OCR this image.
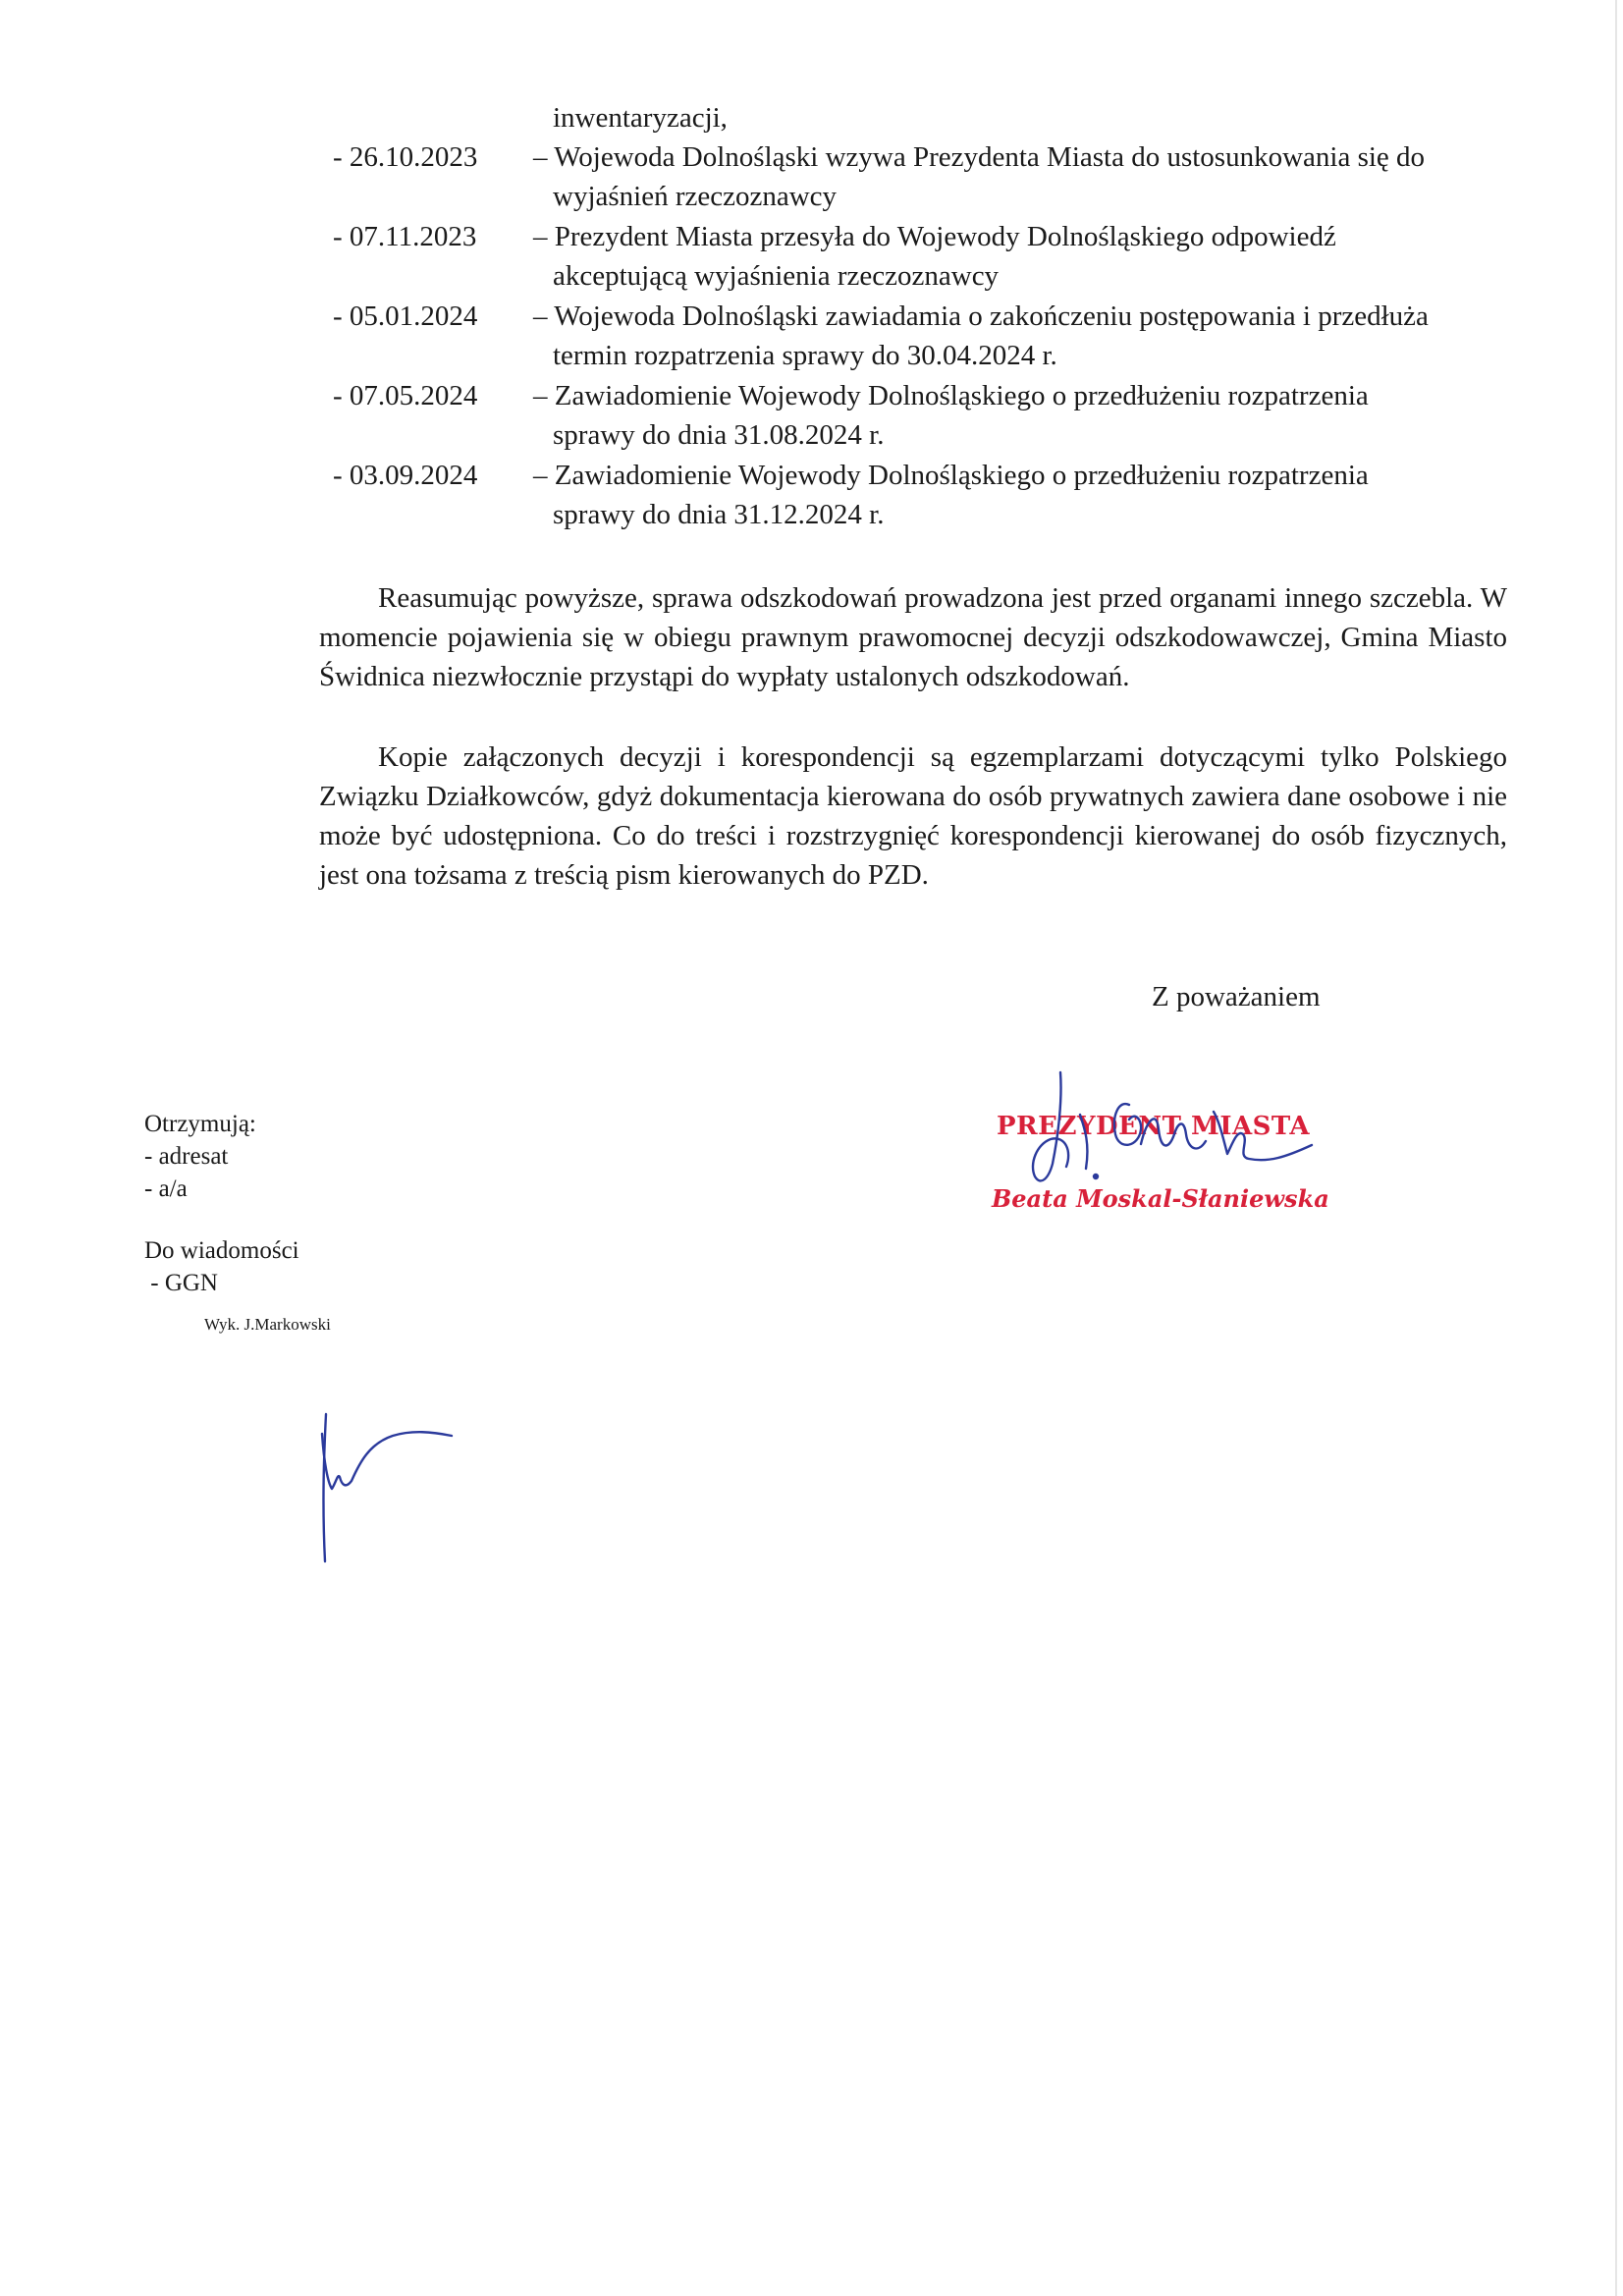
inwentaryzacji,
- 26.10.2023	– Wojewoda Dolnośląski wzywa Prezydenta Miasta do ustosunkowania się do
wyjaśnień rzeczoznawcy
- 07.11.2023	– Prezydent Miasta przesyła do Wojewody Dolnośląskiego odpowiedź
akceptującą wyjaśnienia rzeczoznawcy
- 05.01.2024	– Wojewoda Dolnośląski zawiadamia o zakończeniu postępowania i przedłuża
termin rozpatrzenia sprawy do 30.04.2024 r.
- 07.05.2024	– Zawiadomienie Wojewody Dolnośląskiego o przedłużeniu rozpatrzenia
sprawy do dnia 31.08.2024 r.
- 03.09.2024	– Zawiadomienie Wojewody Dolnośląskiego o przedłużeniu rozpatrzenia
sprawy do dnia 31.12.2024 r.

Reasumując powyższe, sprawa odszkodowań prowadzona jest przed organami innego szczebla. W momencie pojawienia się w obiegu prawnym prawomocnej decyzji odszkodowawczej, Gmina Miasto Świdnica niezwłocznie przystąpi do wypłaty ustalonych odszkodowań.

Kopie załączonych decyzji i korespondencji są egzemplarzami dotyczącymi tylko Polskiego Związku Działkowców, gdyż dokumentacja kierowana do osób prywatnych zawiera dane osobowe i nie może być udostępniona. Co do treści i rozstrzygnięć korespondencji kierowanej do osób fizycznych, jest ona tożsama z treścią pism kierowanych do PZD.

Z poważaniem
PREZYDENT MIASTA
Beata Moskal-Słaniewska
Otrzymują:
- adresat
- a/a
Do wiadomości
- GGN
Wyk. J.Markowski
